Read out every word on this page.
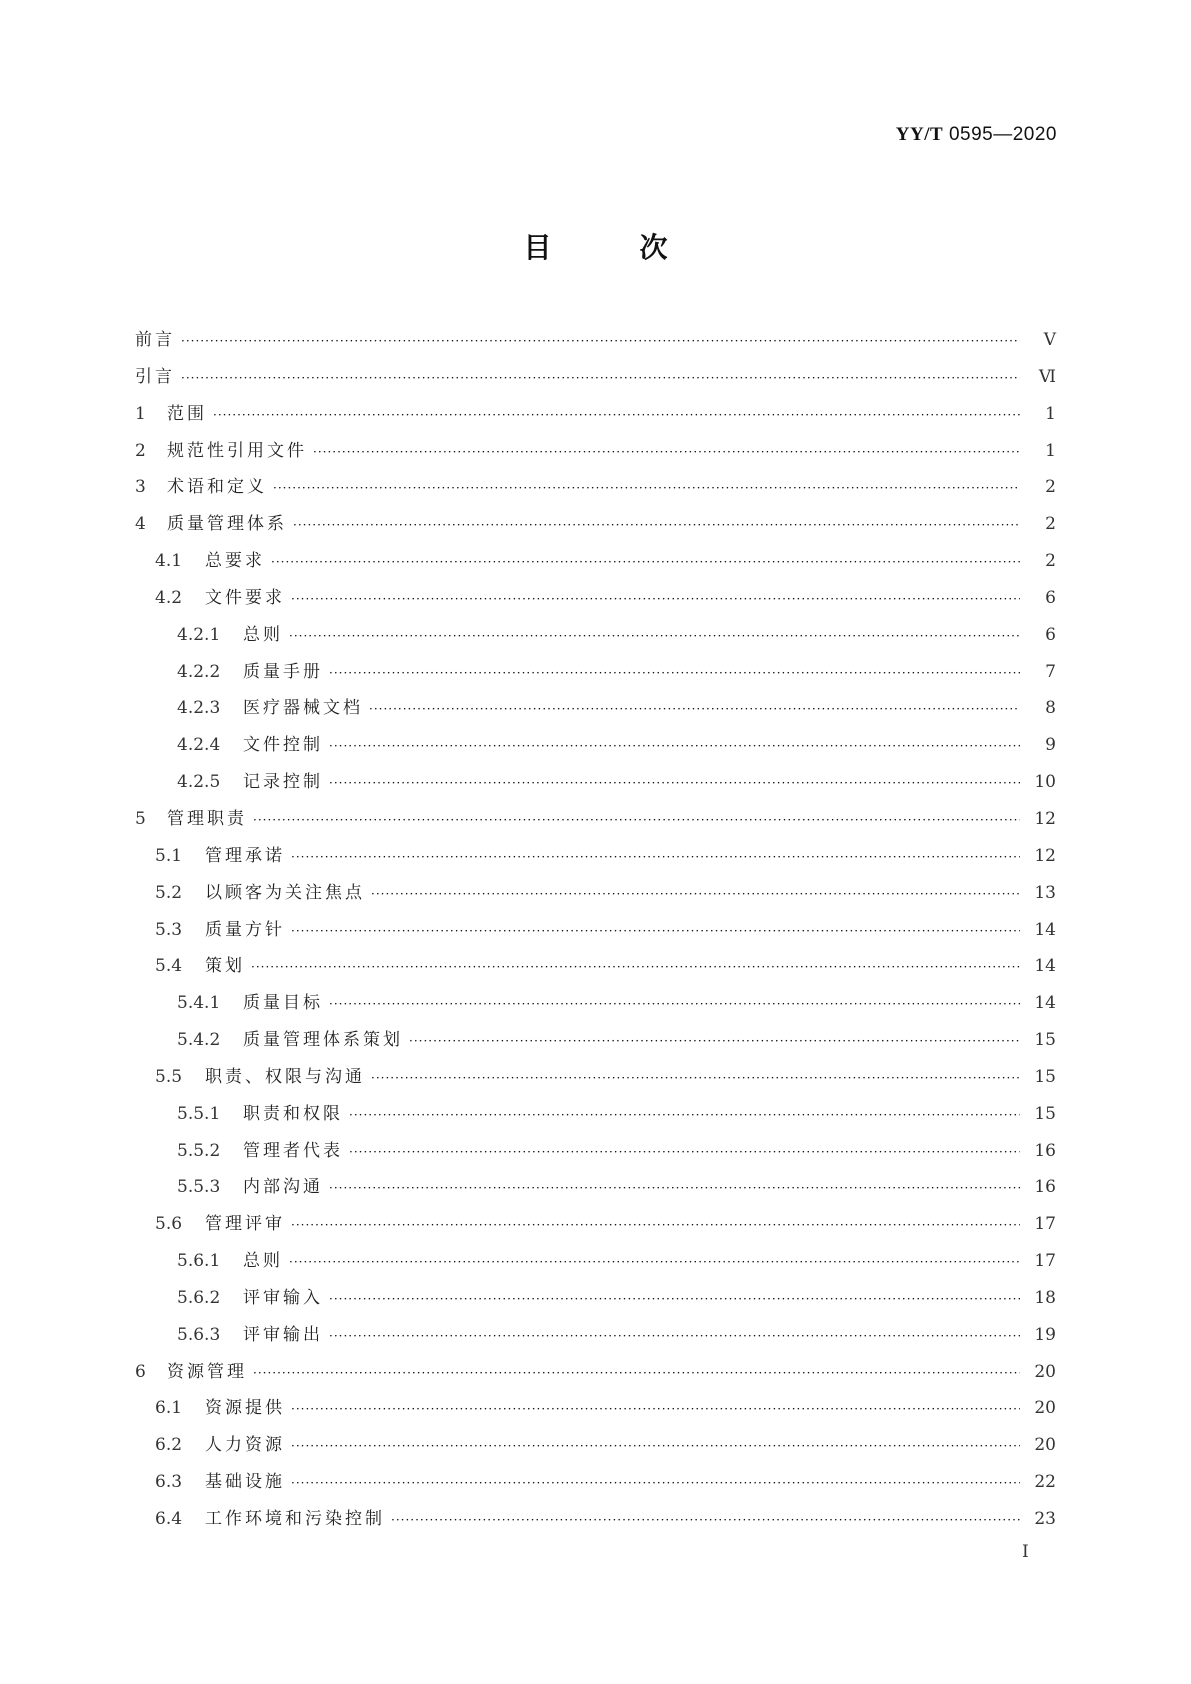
YY/T 0595—2020
目	次
前言 ·····	Ⅴ
引言 ·····	Ⅵ
1	范围 ·····	1
2	规范性引用文件 ·····	1
3	术语和定义 ·····	2
4	质量管理体系 ·····	2
4.1	总要求 ·····	2
4.2	文件要求 ·····	6
4.2.1	总则 ·····	6
4.2.2	质量手册 ·····	7
4.2.3	医疗器械文档 ·····	8
4.2.4	文件控制 ·····	9
4.2.5	记录控制 ·····	10
5	管理职责 ·····	12
5.1	管理承诺 ·····	12
5.2	以顾客为关注焦点 ·····	13
5.3	质量方针 ·····	14
5.4	策划 ·····	14
5.4.1	质量目标 ·····	14
5.4.2	质量管理体系策划 ·····	15
5.5	职责、权限与沟通 ·····	15
5.5.1	职责和权限 ·····	15
5.5.2	管理者代表 ·····	16
5.5.3	内部沟通 ·····	16
5.6	管理评审 ·····	17
5.6.1	总则 ·····	17
5.6.2	评审输入 ·····	18
5.6.3	评审输出 ·····	19
6	资源管理 ·····	20
6.1	资源提供 ·····	20
6.2	人力资源 ·····	20
6.3	基础设施 ·····	22
6.4	工作环境和污染控制 ·····	23
I
